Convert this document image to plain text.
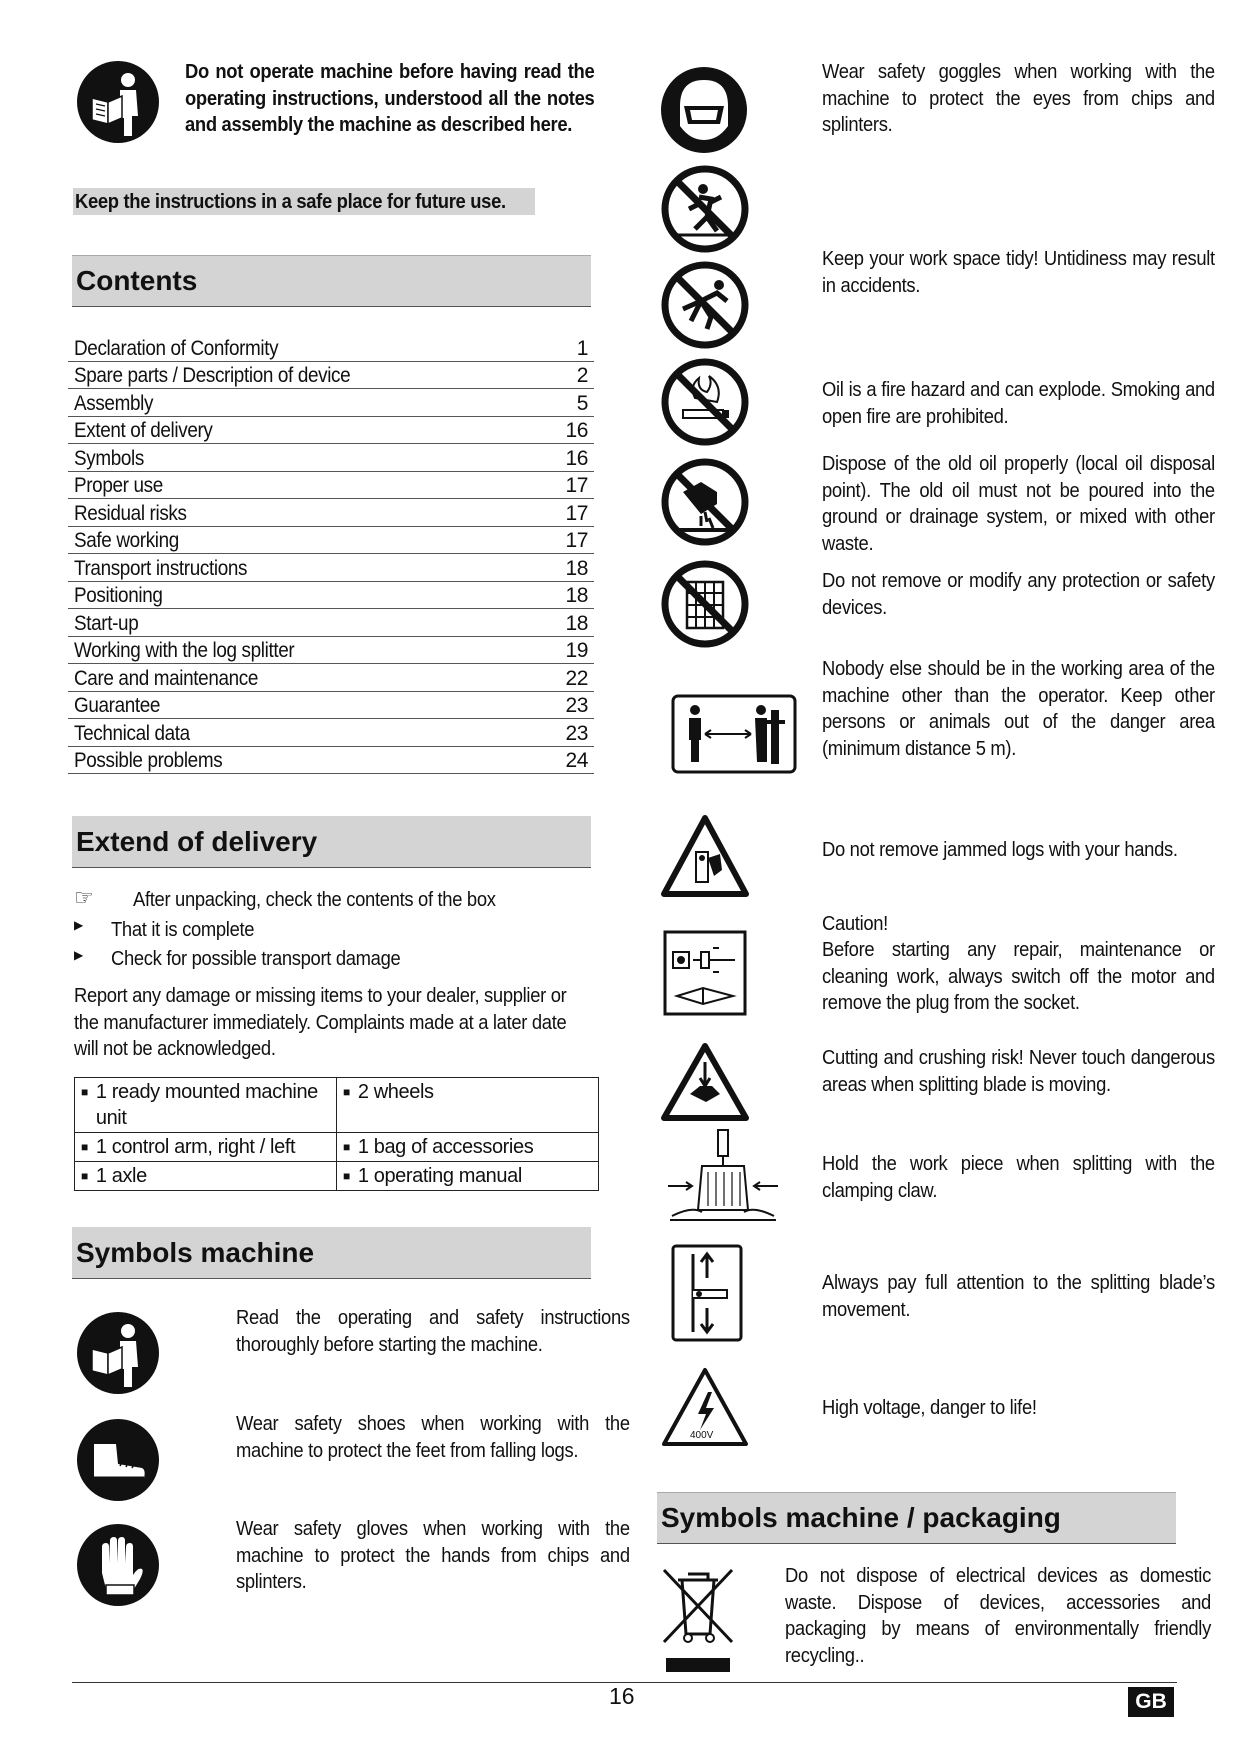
Do not operate machine before having read the operating instructions, understood all the notes and assembly the machine as described here.
Keep the instructions in a safe place for future use.
Contents
Declaration of Conformity	1
Spare parts / Description of device	2
Assembly	5
Extent of delivery	16
Symbols	16
Proper use	17
Residual risks	17
Safe working	17
Transport instructions	18
Positioning	18
Start-up	18
Working with the log splitter	19
Care and maintenance	22
Guarantee	23
Technical data	23
Possible problems	24
Extend of delivery
☞ After unpacking, check the contents of the box
▶ That it is complete
▶ Check for possible transport damage
Report any damage or missing items to your dealer, supplier or the manufacturer immediately. Complaints made at a later date will not be acknowledged.
■ 1 ready mounted machine unit	■ 2 wheels

■ 1 control arm, right / left	■ 1 bag of accessories

■ 1 axle	■ 1 operating manual
Symbols machine
Read the operating and safety instructions thoroughly before starting the machine.
Wear safety shoes when working with the machine to protect the feet from falling logs.
Wear safety gloves when working with the machine to protect the hands from chips and splinters.
Wear safety goggles when working with the machine to protect the eyes from chips and splinters.
Keep your work space tidy! Untidiness may result in accidents.
Oil is a fire hazard and can explode. Smoking and open fire are prohibited.
Dispose of the old oil properly (local oil disposal point). The old oil must not be poured into the ground or drainage system, or mixed with other waste.
Do not remove or modify any protection or safety devices.
Nobody else should be in the working area of the machine other than the operator. Keep other persons or animals out of the danger area (minimum distance 5 m).
Do not remove jammed logs with your hands.
Caution!
Before starting any repair, maintenance or cleaning work, always switch off the motor and remove the plug from the socket.
Cutting and crushing risk! Never touch dangerous areas when splitting blade is moving.
Hold the work piece when splitting with the clamping claw.
Always pay full attention to the splitting blade’s movement.
400V
High voltage, danger to life!
Symbols machine / packaging
Do not dispose of electrical devices as domestic waste. Dispose of devices, accessories and packaging by means of environmentally friendly recycling..
16	GB
